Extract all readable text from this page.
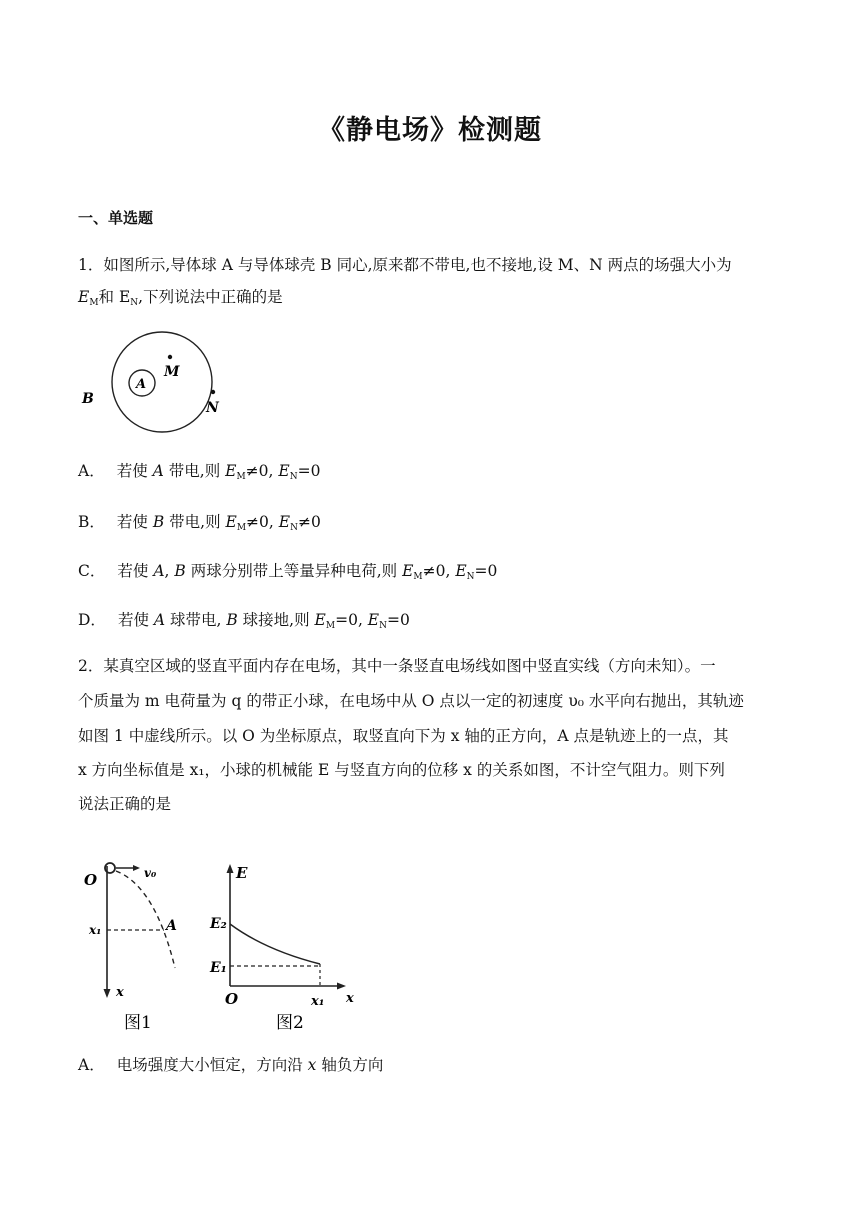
《静电场》检测题
一、单选题
1．如图所示,导体球 A 与导体球壳 B 同心,原来都不带电,也不接地,设 M、N 两点的场强大小为
$E_M$和 $E_N$,下列说法中正确的是
A
B
M
N
A． 若使 A 带电,则 $E_M\ne 0$, $E_N=0$
B． 若使 B 带电,则 $E_M\ne 0$, $E_N\ne 0$
C． 若使 A, B 两球分别带上等量异种电荷,则 $E_M\ne 0$, $E_N=0$
D． 若使 A 球带电, B 球接地,则 $E_M=0$, $E_N=0$
2．某真空区域的竖直平面内存在电场，其中一条竖直电场线如图中竖直实线（方向未知）。一
个质量为 m 电荷量为 q 的带正小球，在电场中从 O 点以一定的初速度 υ₀ 水平向右抛出，其轨迹
如图 1 中虚线所示。以 O 为坐标原点，取竖直向下为 x 轴的正方向，A 点是轨迹上的一点，其
x 方向坐标值是 x₁，小球的机械能 E 与竖直方向的位移 x 的关系如图，不计空气阻力。则下列
说法正确的是
O	v₀
x₁	A
x
图1
E
E₂
E₁
O	x₁ x
图2
A． 电场强度大小恒定，方向沿 x 轴负方向
